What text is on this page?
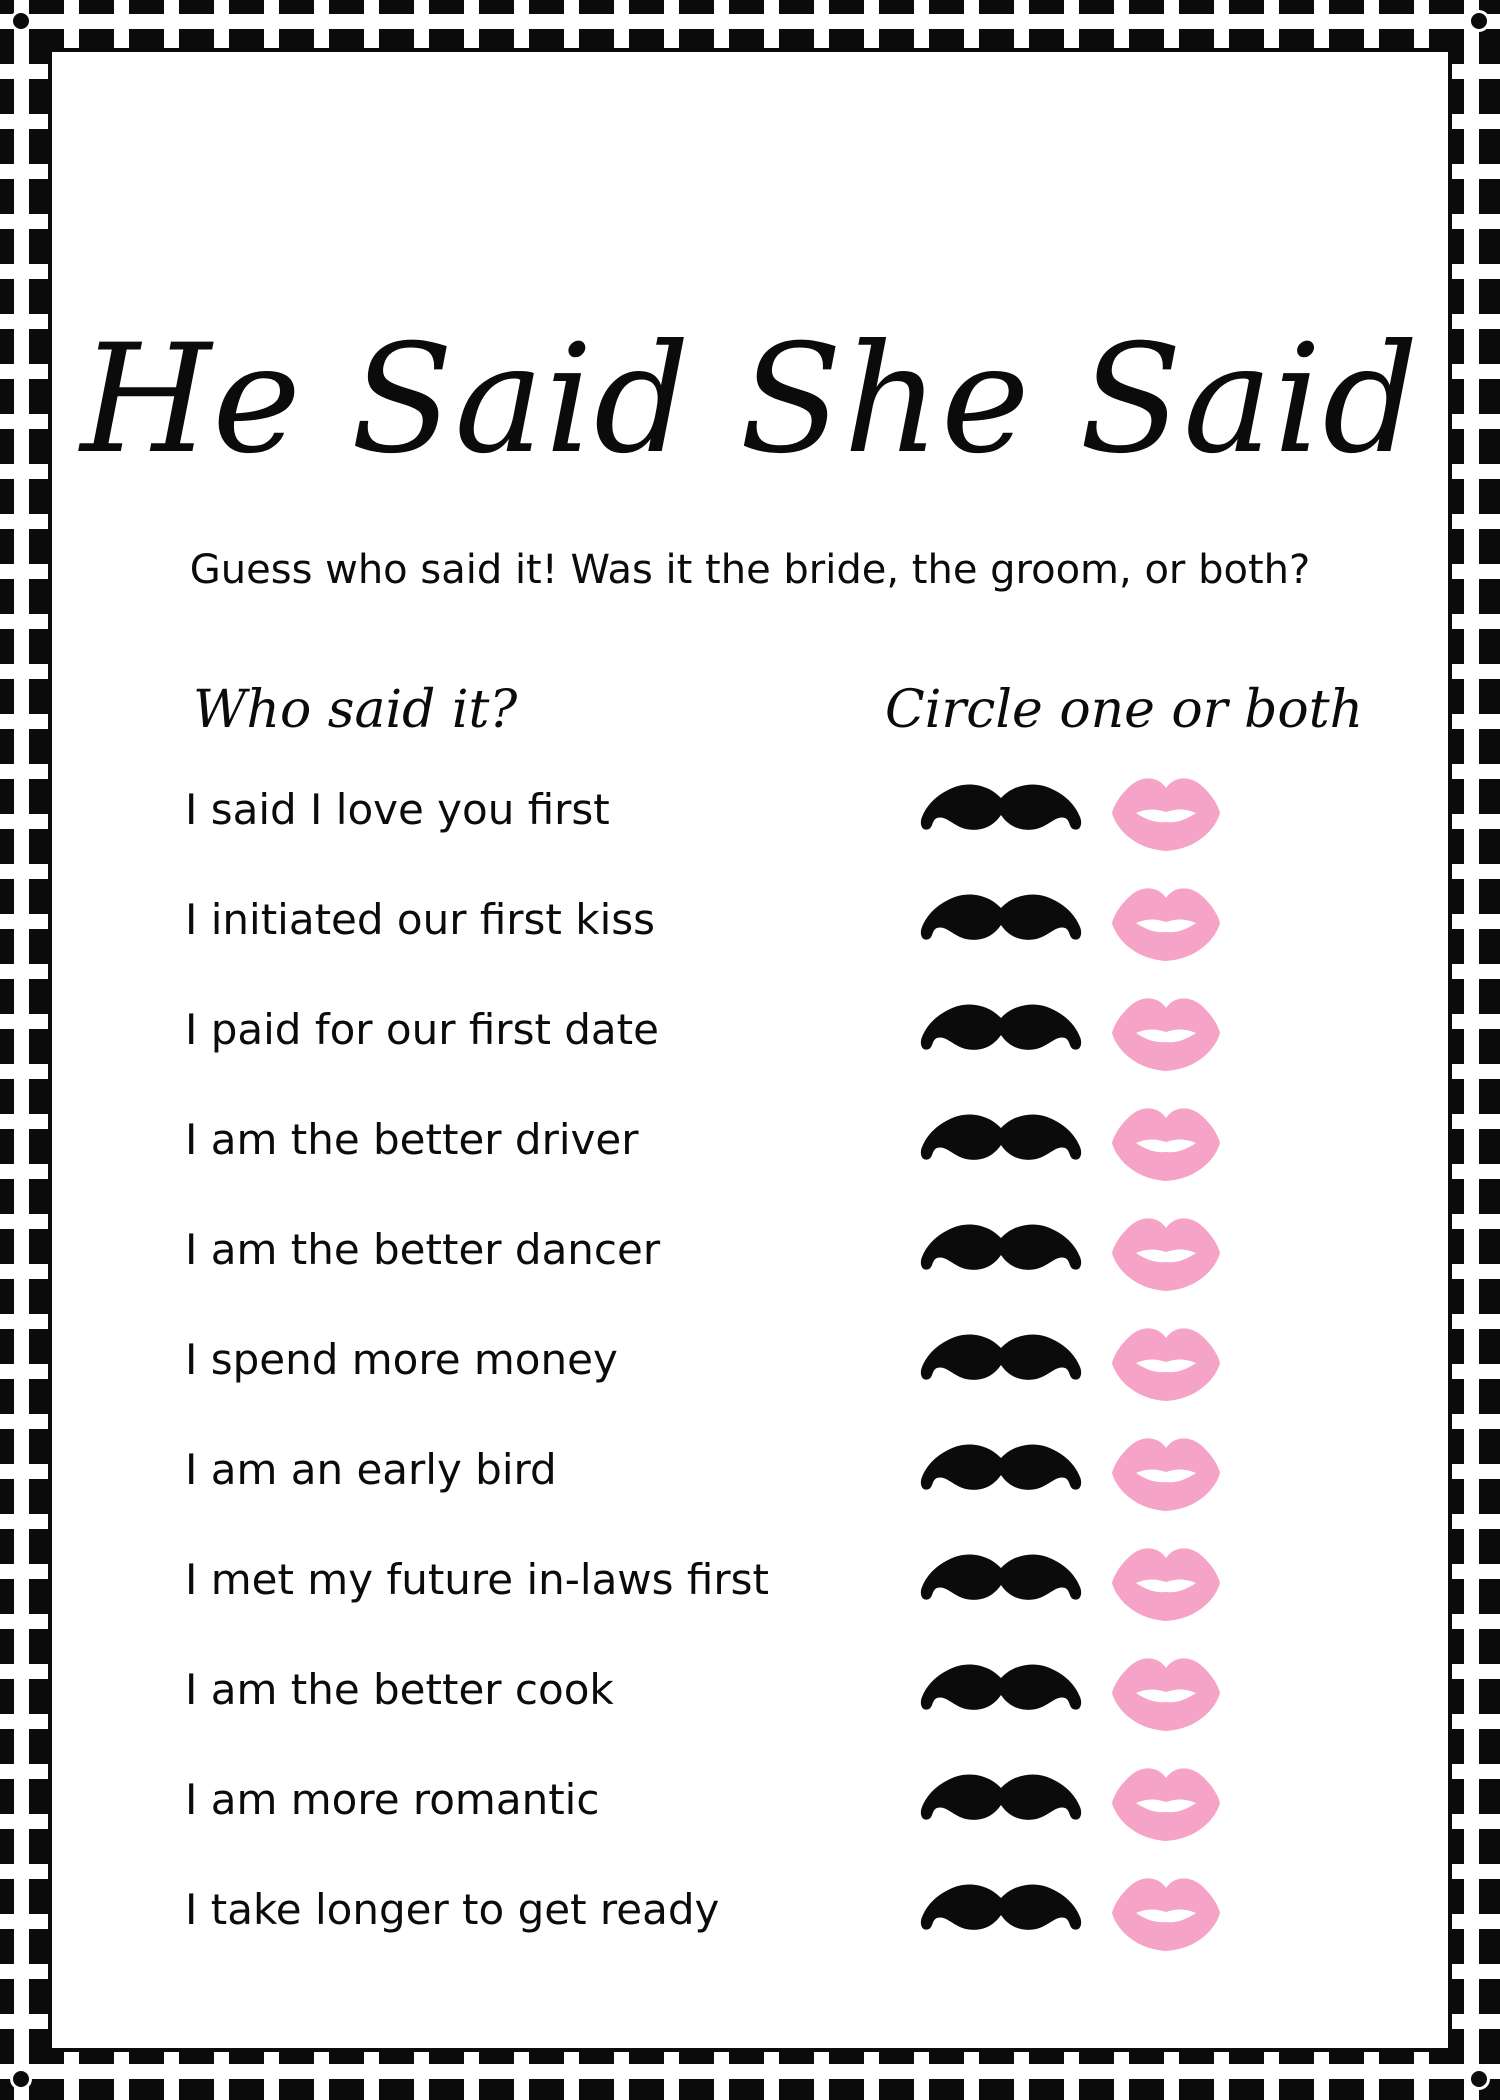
He Said She Said
Guess who said it! Was it the bride, the groom, or both?
Who said it?	Circle one or both
I said I love you first
I initiated our first kiss
I paid for our first date
I am the better driver
I am the better dancer
I spend more money
I am an early bird
I met my future in-laws first
I am the better cook
I am more romantic
I take longer to get ready
